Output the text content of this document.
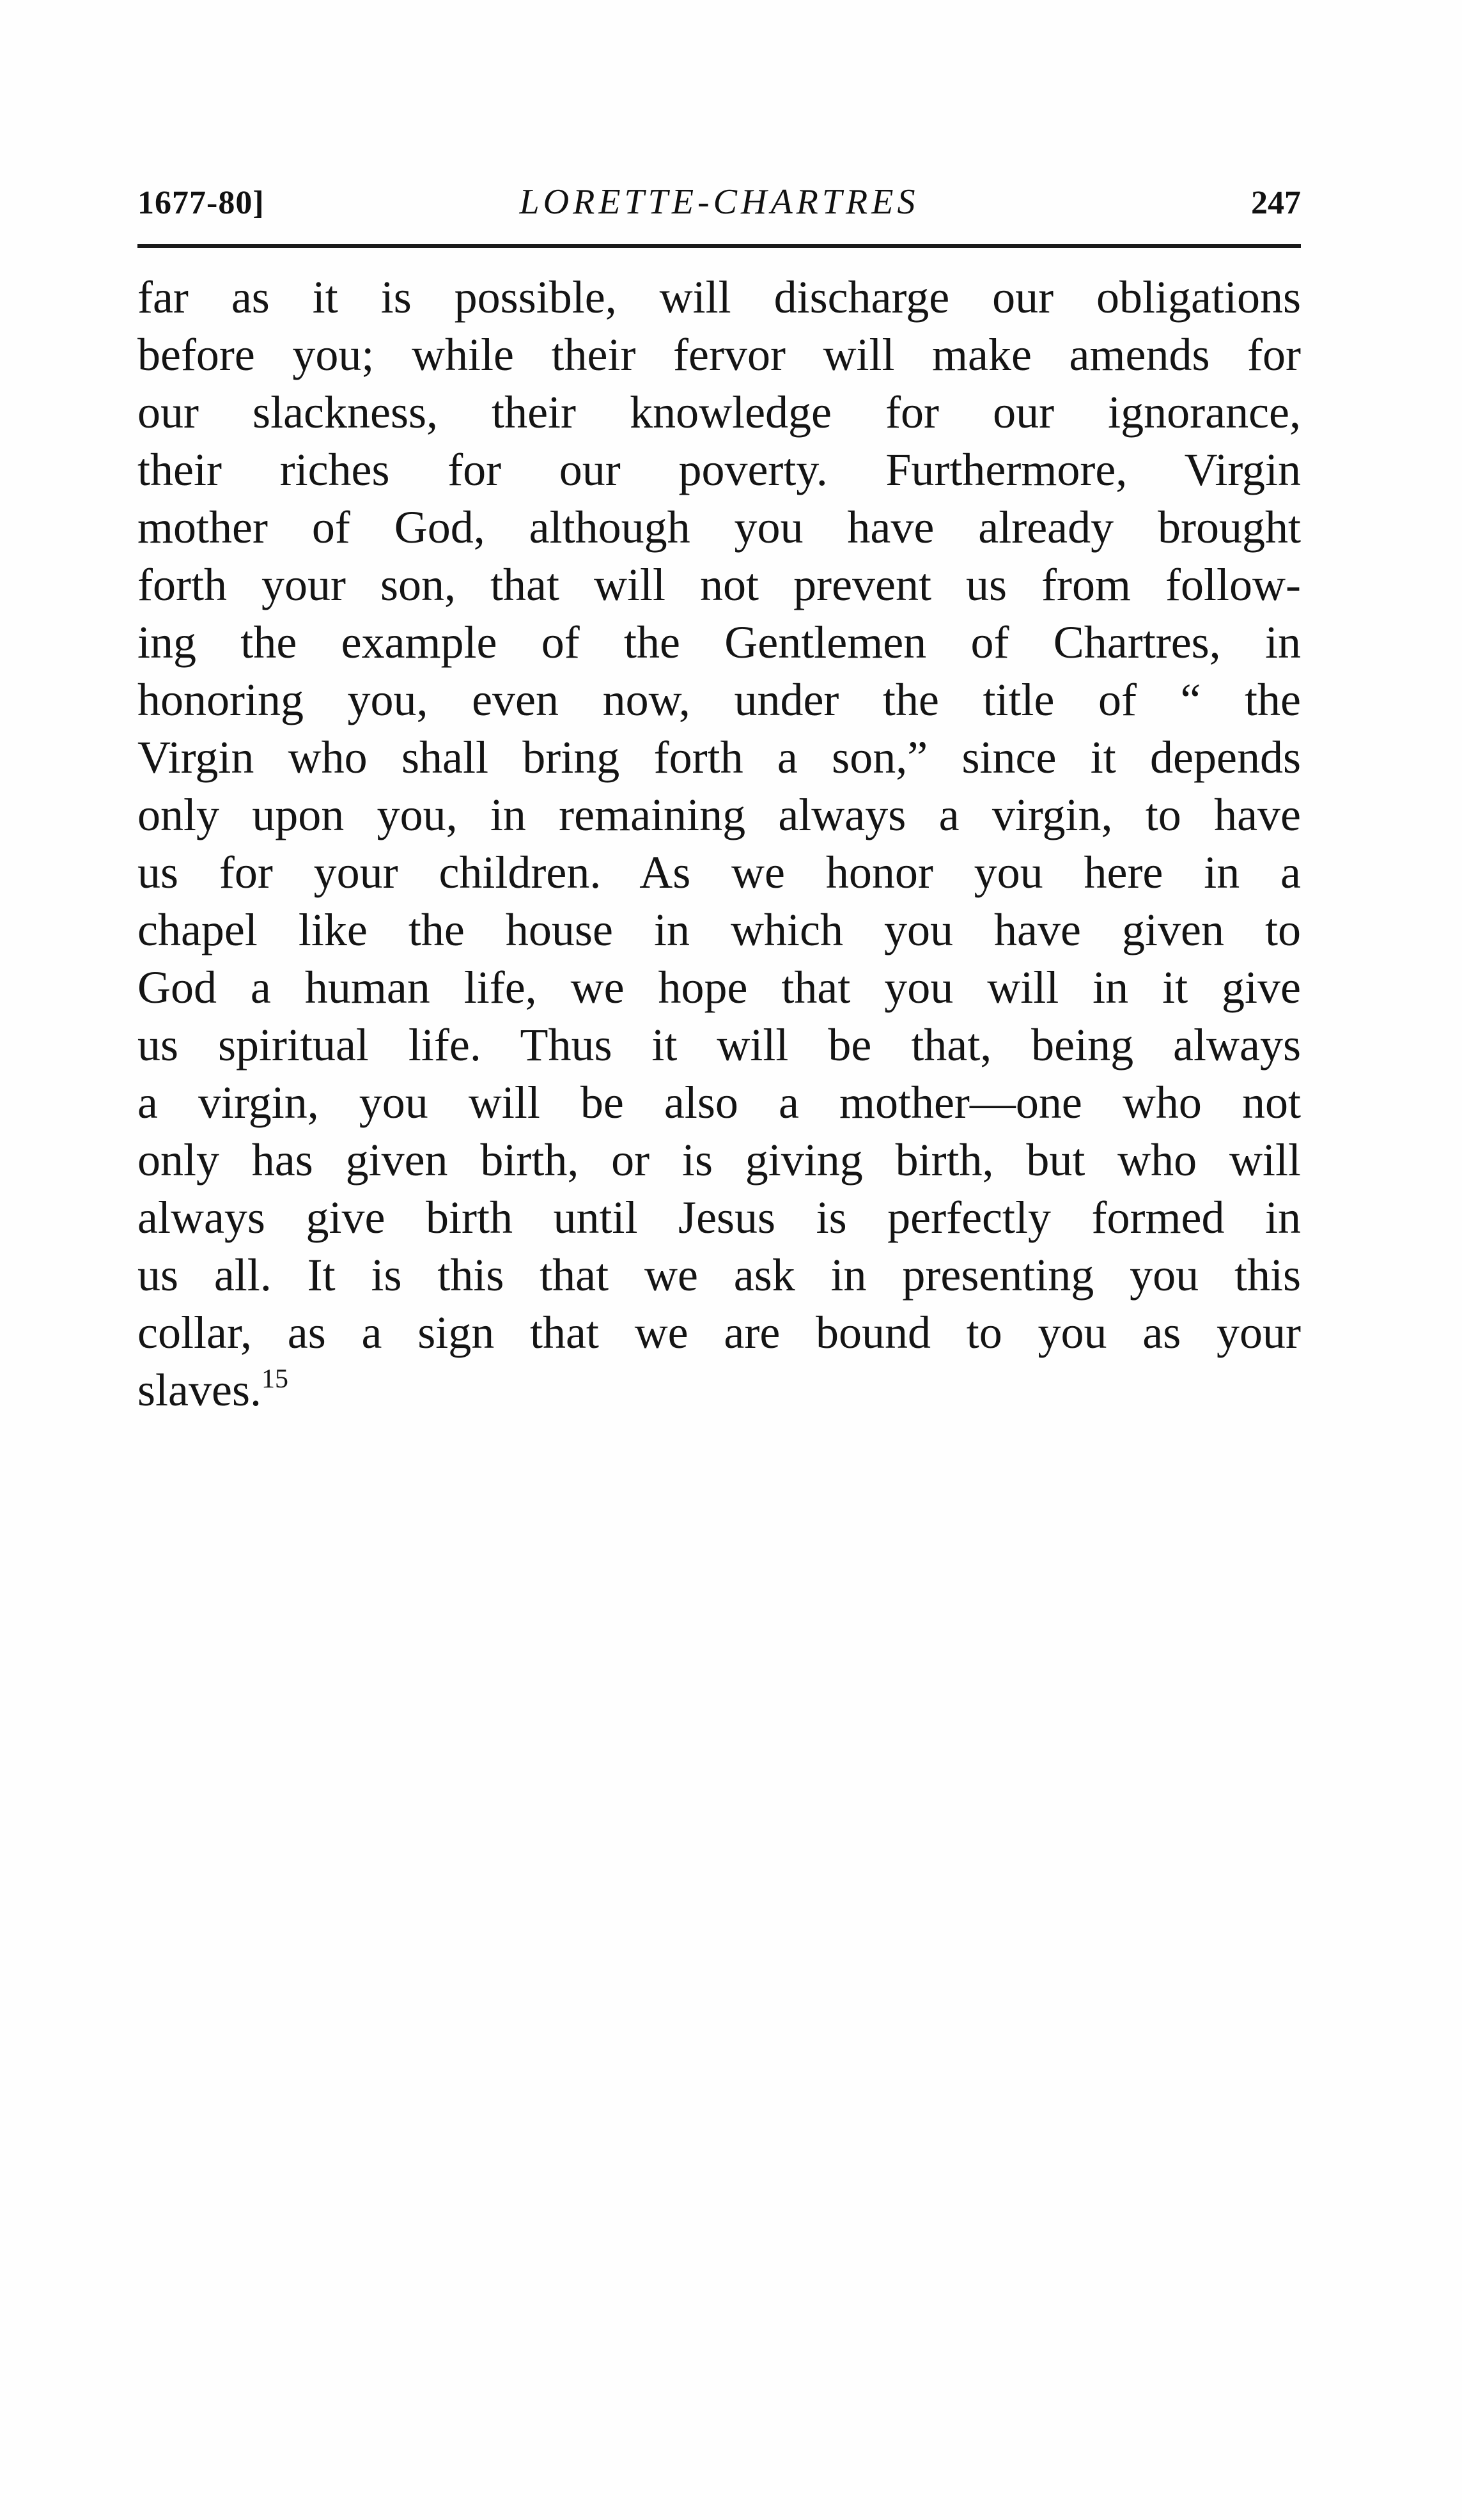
1677-80]	LORETTE-CHARTRES	247
far as it is possible, will discharge our obligations
before you; while their fervor will make amends for
our slackness, their knowledge for our ignorance,
their riches for our poverty. Furthermore, Virgin
mother of God, although you have already brought
forth your son, that will not prevent us from follow-
ing the example of the Gentlemen of Chartres, in
honoring you, even now, under the title of “ the
Virgin who shall bring forth a son,” since it depends
only upon you, in remaining always a virgin, to have
us for your children. As we honor you here in a
chapel like the house in which you have given to
God a human life, we hope that you will in it give
us spiritual life. Thus it will be that, being always
a virgin, you will be also a mother—one who not
only has given birth, or is giving birth, but who will
always give birth until Jesus is perfectly formed in
us all. It is this that we ask in presenting you this
collar, as a sign that we are bound to you as your
slaves.$^{15}$
